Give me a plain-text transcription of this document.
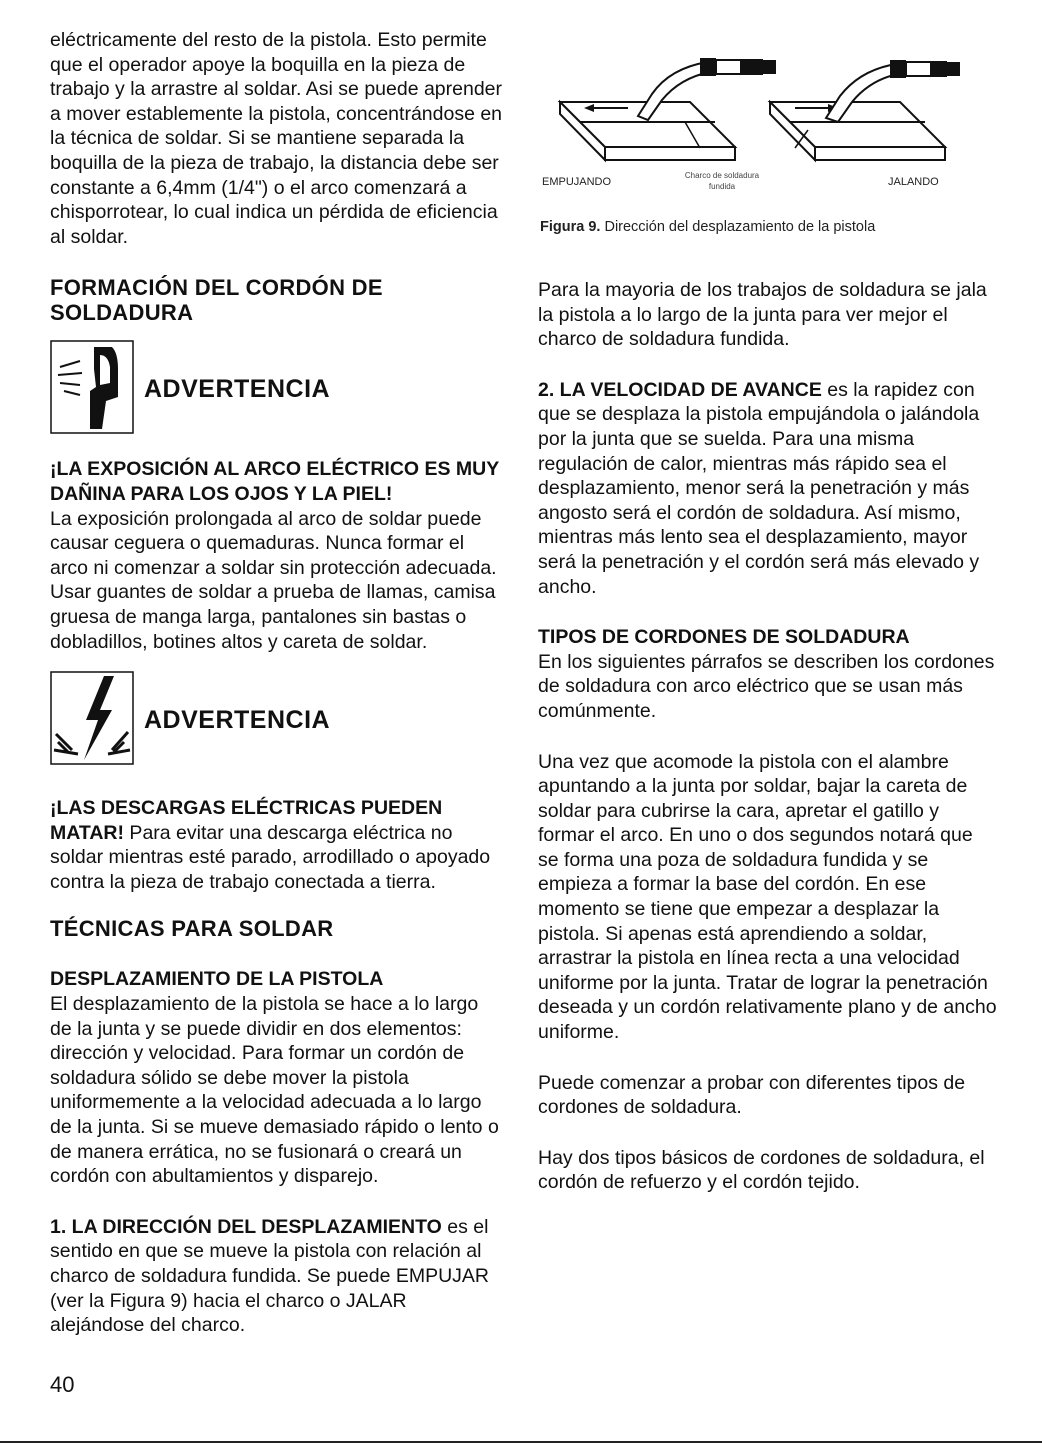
eléctricamente del resto de la pistola. Esto permite que el operador apoye la boquilla en la pieza de trabajo y la arrastre al soldar. Asi se puede aprender a mover establemente la pistola, concentrándose en la técnica de soldar. Si se mantiene separada la boquilla de la pieza de trabajo, la distancia debe ser constante a 6,4mm (1/4") o el arco comenzará a chisporrotear, lo cual indica un pérdida de eficiencia al soldar.

FORMACIÓN DEL CORDÓN DE SOLDADURA
ADVERTENCIA

¡LA EXPOSICIÓN AL ARCO ELÉCTRICO ES MUY DAÑINA PARA LOS OJOS Y LA PIEL!

La exposición prolongada al arco de soldar puede causar ceguera o quemaduras. Nunca formar el arco ni comenzar a soldar sin protección adecuada. Usar guantes de soldar a prueba de llamas, camisa gruesa de manga larga, pantalones sin bastas o dobladillos, botines altos y careta de soldar.

ADVERTENCIA

¡LAS DESCARGAS ELÉCTRICAS PUEDEN MATAR! Para evitar una descarga eléctrica no soldar mientras esté parado, arrodillado o apoyado contra la pieza de trabajo conectada a tierra.

TÉCNICAS PARA SOLDAR

DESPLAZAMIENTO DE LA PISTOLA

El desplazamiento de la pistola se hace a lo largo de la junta y se puede dividir en dos elementos: dirección y velocidad. Para formar un cordón de soldadura sólido se debe mover la pistola uniformemente a la velocidad adecuada a lo largo de la junta. Si se mueve demasiado rápido o lento o de manera errática, no se fusionará o creará un cordón con abultamientos y disparejo.

1. LA DIRECCIÓN DEL DESPLAZAMIENTO es el sentido en que se mueve la pistola con relación al charco de soldadura fundida. Se puede EMPUJAR (ver la Figura 9) hacia el charco o JALAR alejándose del charco.

EMPUJANDO
Charco de soldadura
fundida	JALANDO
Figura 9. Dirección del desplazamiento de la pistola

Para la mayoria de los trabajos de soldadura se jala la pistola a lo largo de la junta para ver mejor el charco de soldadura fundida.

2. LA VELOCIDAD DE AVANCE es la rapidez con que se desplaza la pistola empujándola o jalándola por la junta que se suelda. Para una misma regulación de calor, mientras más rápido sea el desplazamiento, menor será la penetración y más angosto será el cordón de soldadura. Así mismo, mientras más lento sea el desplazamiento, mayor será la penetración y el cordón será más elevado y ancho.

TIPOS DE CORDONES DE SOLDADURA

En los siguientes párrafos se describen los cordones de soldadura con arco eléctrico que se usan más comúnmente.

Una vez que acomode la pistola con el alambre apuntando a la junta por soldar, bajar la careta de soldar para cubrirse la cara, apretar el gatillo y formar el arco. En uno o dos segundos notará que se forma una poza de soldadura fundida y se empieza a formar la base del cordón. En ese momento se tiene que empezar a desplazar la pistola. Si apenas está aprendiendo a soldar, arrastrar la pistola en línea recta a una velocidad uniforme por la junta. Tratar de lograr la penetración deseada y un cordón relativamente plano y de ancho uniforme.

Puede comenzar a probar con diferentes tipos de cordones de soldadura.

Hay dos tipos básicos de cordones de soldadura, el cordón de refuerzo y el cordón tejido.

40
